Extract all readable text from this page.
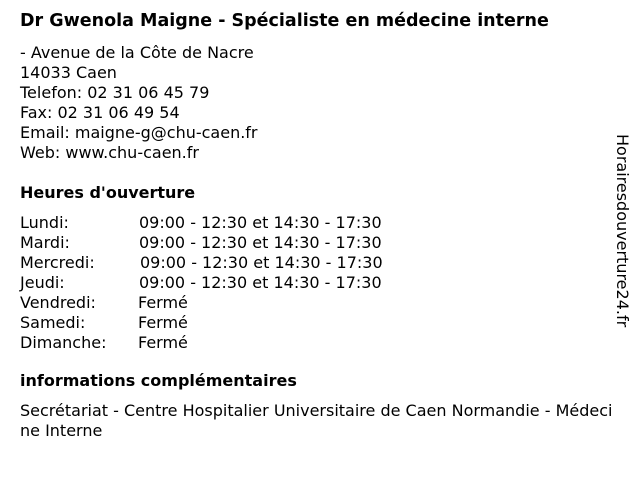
Dr Gwenola Maigne - Spécialiste en médecine interne
- Avenue de la Côte de Nacre
14033 Caen
Telefon: 02 31 06 45 79
Fax: 02 31 06 49 54
Email: maigne-g@chu-caen.fr
Web: www.chu-caen.fr
Heures d'ouverture
Lundi:	09:00 - 12:30 et 14:30 - 17:30
Mardi:	09:00 - 12:30 et 14:30 - 17:30
Mercredi:	09:00 - 12:30 et 14:30 - 17:30
Jeudi:	09:00 - 12:30 et 14:30 - 17:30
Vendredi:	Fermé
Samedi:	Fermé
Dimanche:	Fermé
informations complémentaires
Secrétariat - Centre Hospitalier Universitaire de Caen Normandie - Médecine Interne
Horairesdouverture24.fr
